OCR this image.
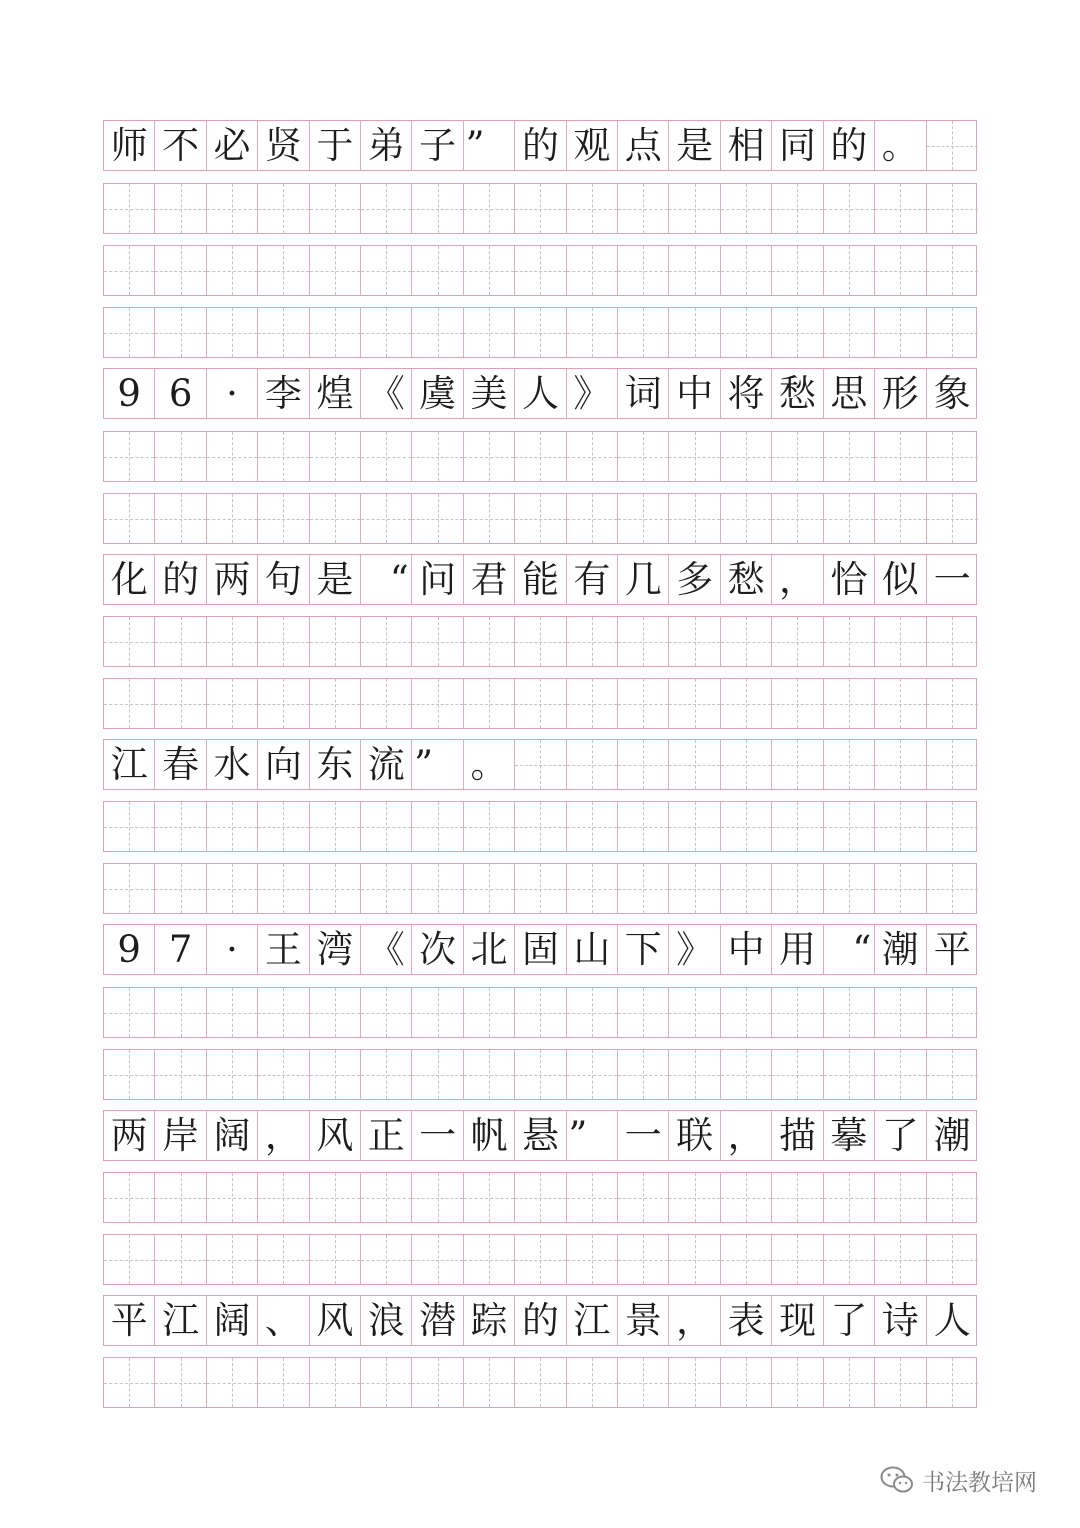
师 不 必 贤 于 弟 子 ” 的 观 点 是 相 同 的 。
9 6 · 李 煌 《 虞 美 人 》 词 中 将 愁 思 形 象
化 的 两 句 是 “ 问 君 能 有 几 多 愁 ， 恰 似 一
江 春 水 向 东 流 ” 。
9 7 · 王 湾 《 次 北 固 山 下 》 中 用 “ 潮 平
两 岸 阔 ， 风 正 一 帆 悬 ” 一 联 ， 描 摹 了 潮
平 江 阔 、 风 浪 潜 踪 的 江 景 ， 表 现 了 诗 人
书法教培网
